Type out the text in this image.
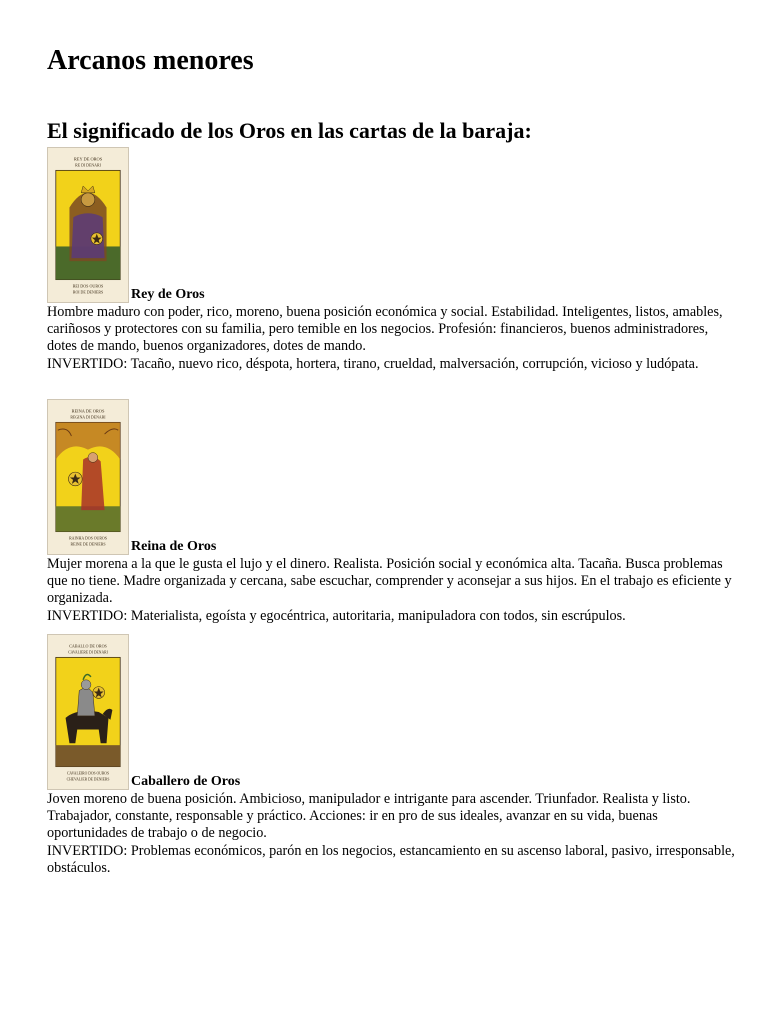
Arcanos menores
El significado de los Oros en las cartas de la baraja:
REY DE OROS
RE DI DENARI
REI DOS OUROS
ROI DE DENIERS Rey de Oros

Hombre maduro con poder, rico, moreno, buena posición económica y social. Estabilidad. Inteligentes, listos, amables, cariñosos y protectores con su familia, pero temible en los negocios. Profesión: financieros, buenos administradores, dotes de mando, buenos organizadores, dotes de mando.

INVERTIDO: Tacaño, nuevo rico, déspota, hortera, tirano, crueldad, malversación, corrupción, vicioso y ludópata.

REINA DE OROS
REGINA DI DENARI
RAINHA DOS OUROS
REINE DE DENIERS Reina de Oros

Mujer morena a la que le gusta el lujo y el dinero. Realista. Posición social y económica alta. Tacaña. Busca problemas que no tiene. Madre organizada y cercana, sabe escuchar, comprender y aconsejar a sus hijos. En el trabajo es eficiente y organizada.

INVERTIDO: Materialista, egoísta y egocéntrica, autoritaria, manipuladora con todos, sin escrúpulos.

CABALLO DE OROS
CAVALIERE DI DENARI
CAVALEIRO DOS OUROS
CHEVALIER DE DENIERS Caballero de Oros

Joven moreno de buena posición. Ambicioso, manipulador e intrigante para ascender. Triunfador. Realista y listo. Trabajador, constante, responsable y práctico. Acciones: ir en pro de sus ideales, avanzar en su vida, buenas oportunidades de trabajo o de negocio.

INVERTIDO: Problemas económicos, parón en los negocios, estancamiento en su ascenso laboral, pasivo, irresponsable, obstáculos.
